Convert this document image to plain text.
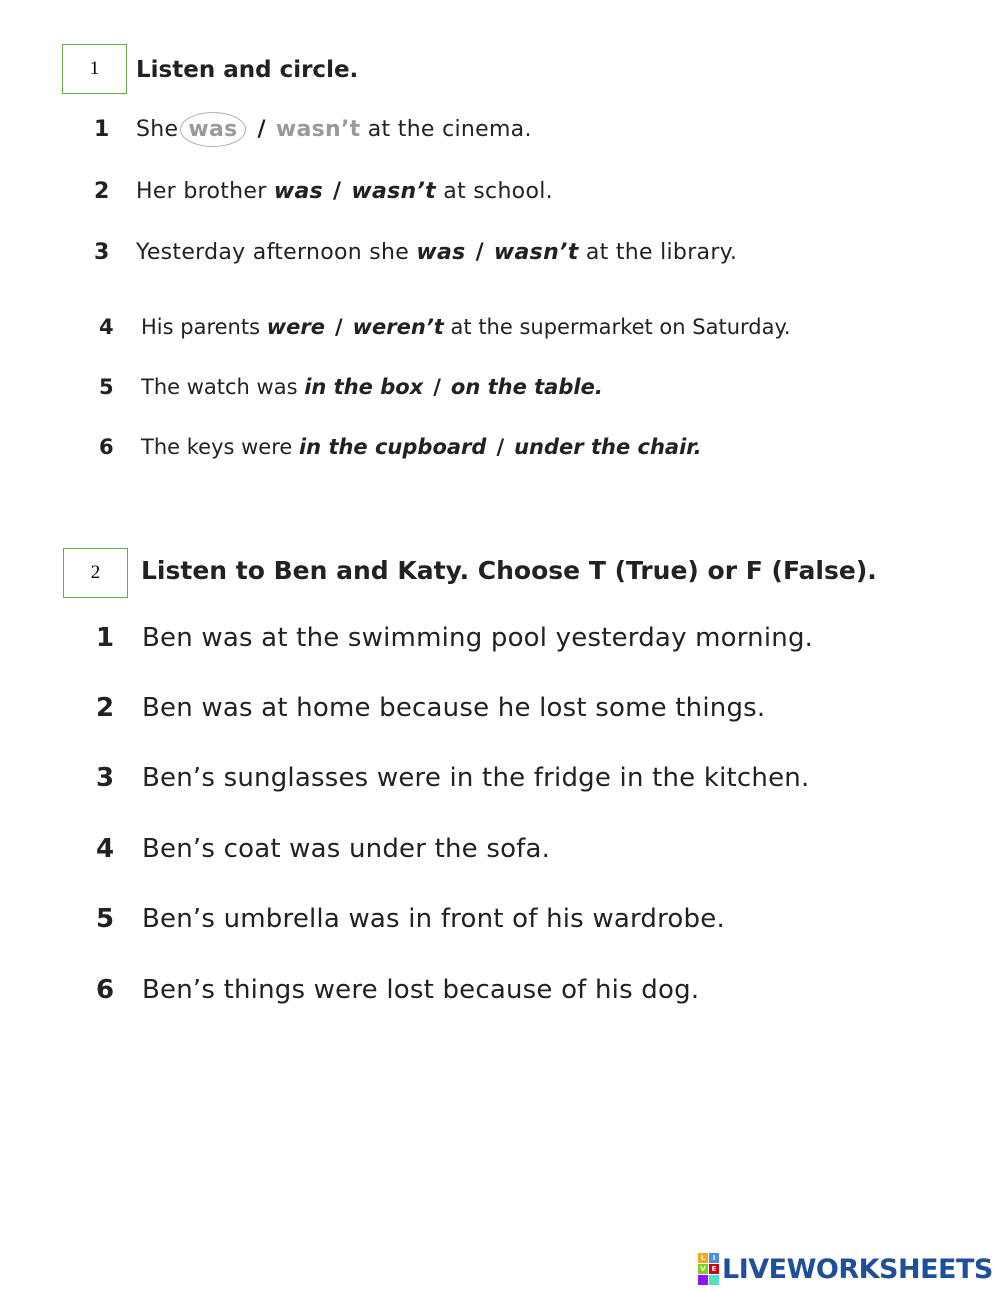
1 Listen and circle.
1 She was / wasn’t at the cinema.
2 Her brother was / wasn’t at school.
3 Yesterday afternoon she was / wasn’t at the library.
4 His parents were / weren’t at the supermarket on Saturday.
5 The watch was in the box / on the table.
6 The keys were in the cupboard / under the chair.
2 Listen to Ben and Katy. Choose T (True) or F (False).
1 Ben was at the swimming pool yesterday morning.
2 Ben was at home because he lost some things.
3 Ben’s sunglasses were in the fridge in the kitchen.
4 Ben’s coat was under the sofa.
5 Ben’s umbrella was in front of his wardrobe.
6 Ben’s things were lost because of his dog.
L	I
V E LIVEWORKSHEETS
